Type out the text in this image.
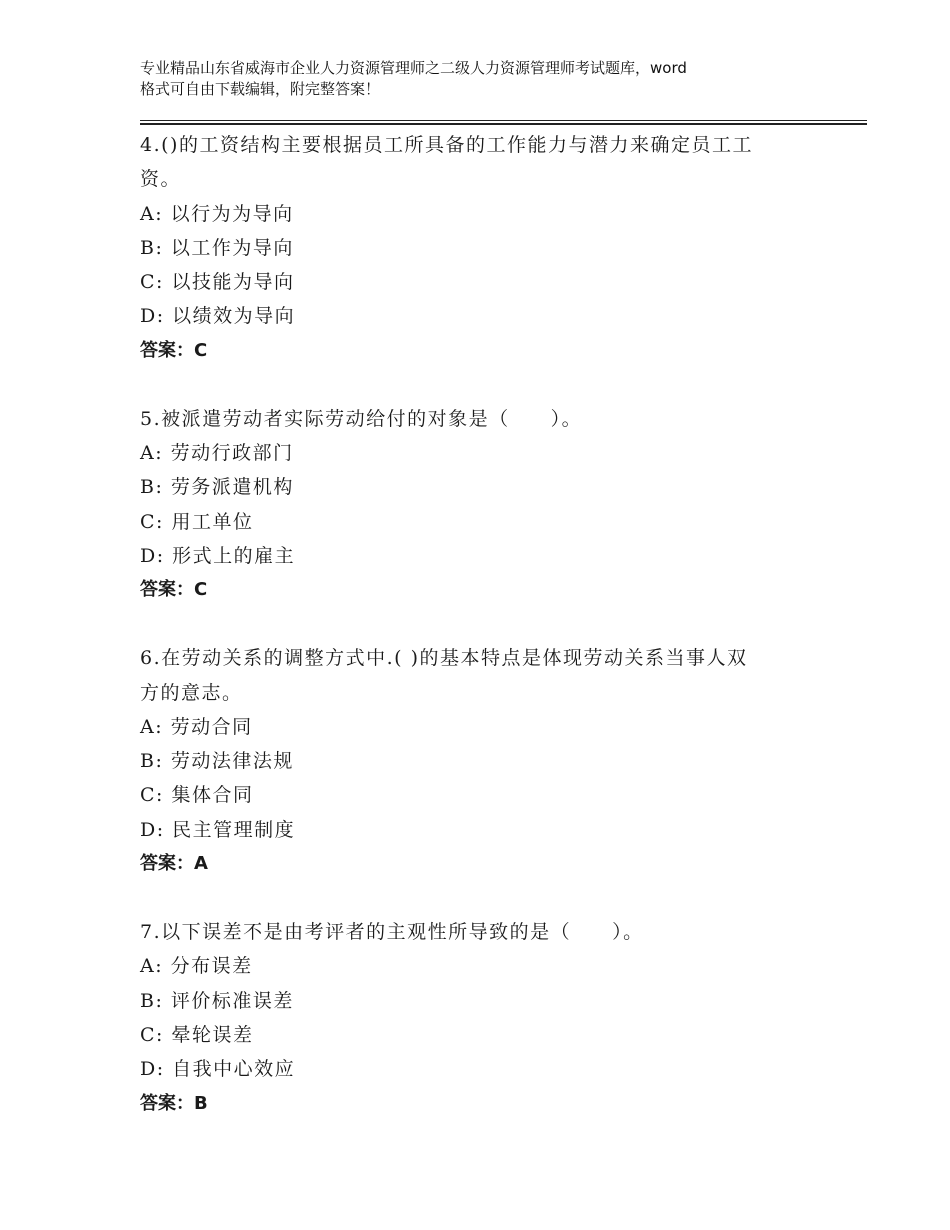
专业精品山东省威海市企业人力资源管理师之二级人力资源管理师考试题库，word
格式可自由下载编辑，附完整答案！

4.()的工资结构主要根据员工所具备的工作能力与潜力来确定员工工
资。

A: 以行为为导向

B: 以工作为导向

C: 以技能为导向

D: 以绩效为导向

答案：C

5.被派遣劳动者实际劳动给付的对象是（　　）。

A: 劳动行政部门

B: 劳务派遣机构

C: 用工单位

D: 形式上的雇主

答案：C

6.在劳动关系的调整方式中.( )的基本特点是体现劳动关系当事人双
方的意志。

A: 劳动合同

B: 劳动法律法规

C: 集体合同

D: 民主管理制度

答案：A

7.以下误差不是由考评者的主观性所导致的是（　　）。

A: 分布误差

B: 评价标准误差

C: 晕轮误差

D: 自我中心效应

答案：B
